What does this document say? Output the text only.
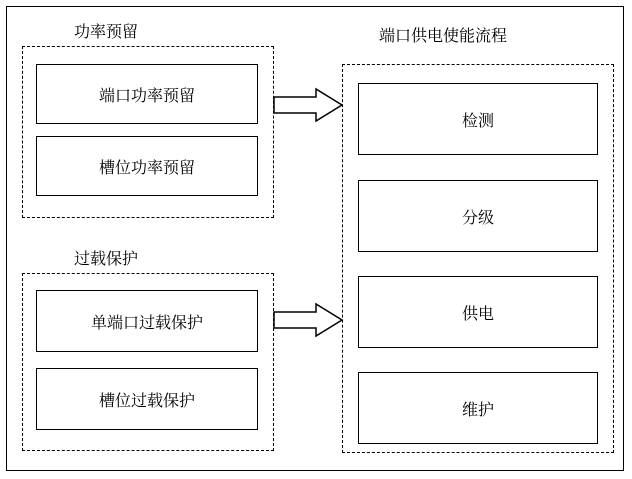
功率预留
端口功率预留
槽位功率预留
过载保护
单端口过载保护
槽位过载保护
端口供电使能流程
检测
分级
供电
维护
